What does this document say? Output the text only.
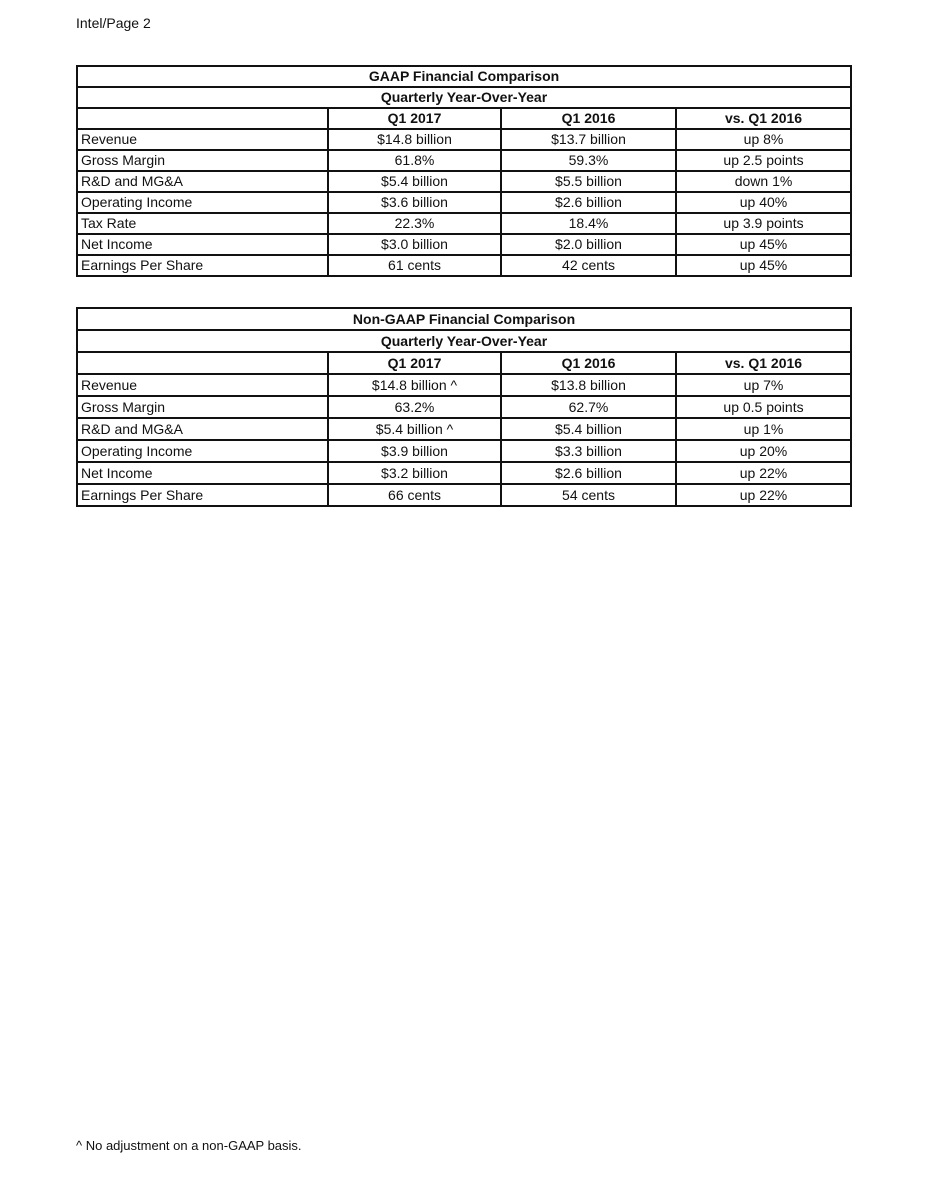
Intel/Page 2
GAAP Financial Comparison			
Quarterly Year-Over-Year			
	Q1 2017	Q1 2016	vs. Q1 2016
Revenue	$14.8 billion	$13.7 billion	up 8%
Gross Margin	61.8%	59.3%	up 2.5 points
R&D and MG&A	$5.4 billion	$5.5 billion	down 1%
Operating Income	$3.6 billion	$2.6 billion	up 40%
Tax Rate	22.3%	18.4%	up 3.9 points
Net Income	$3.0 billion	$2.0 billion	up 45%
Earnings Per Share	61 cents	42 cents	up 45%
Non-GAAP Financial Comparison			
Quarterly Year-Over-Year			
	Q1 2017	Q1 2016	vs. Q1 2016
Revenue	$14.8 billion ^	$13.8 billion	up 7%
Gross Margin	63.2%	62.7%	up 0.5 points
R&D and MG&A	$5.4 billion ^	$5.4 billion	up 1%
Operating Income	$3.9 billion	$3.3 billion	up 20%
Net Income	$3.2 billion	$2.6 billion	up 22%
Earnings Per Share	66 cents	54 cents	up 22%
^ No adjustment on a non-GAAP basis.
